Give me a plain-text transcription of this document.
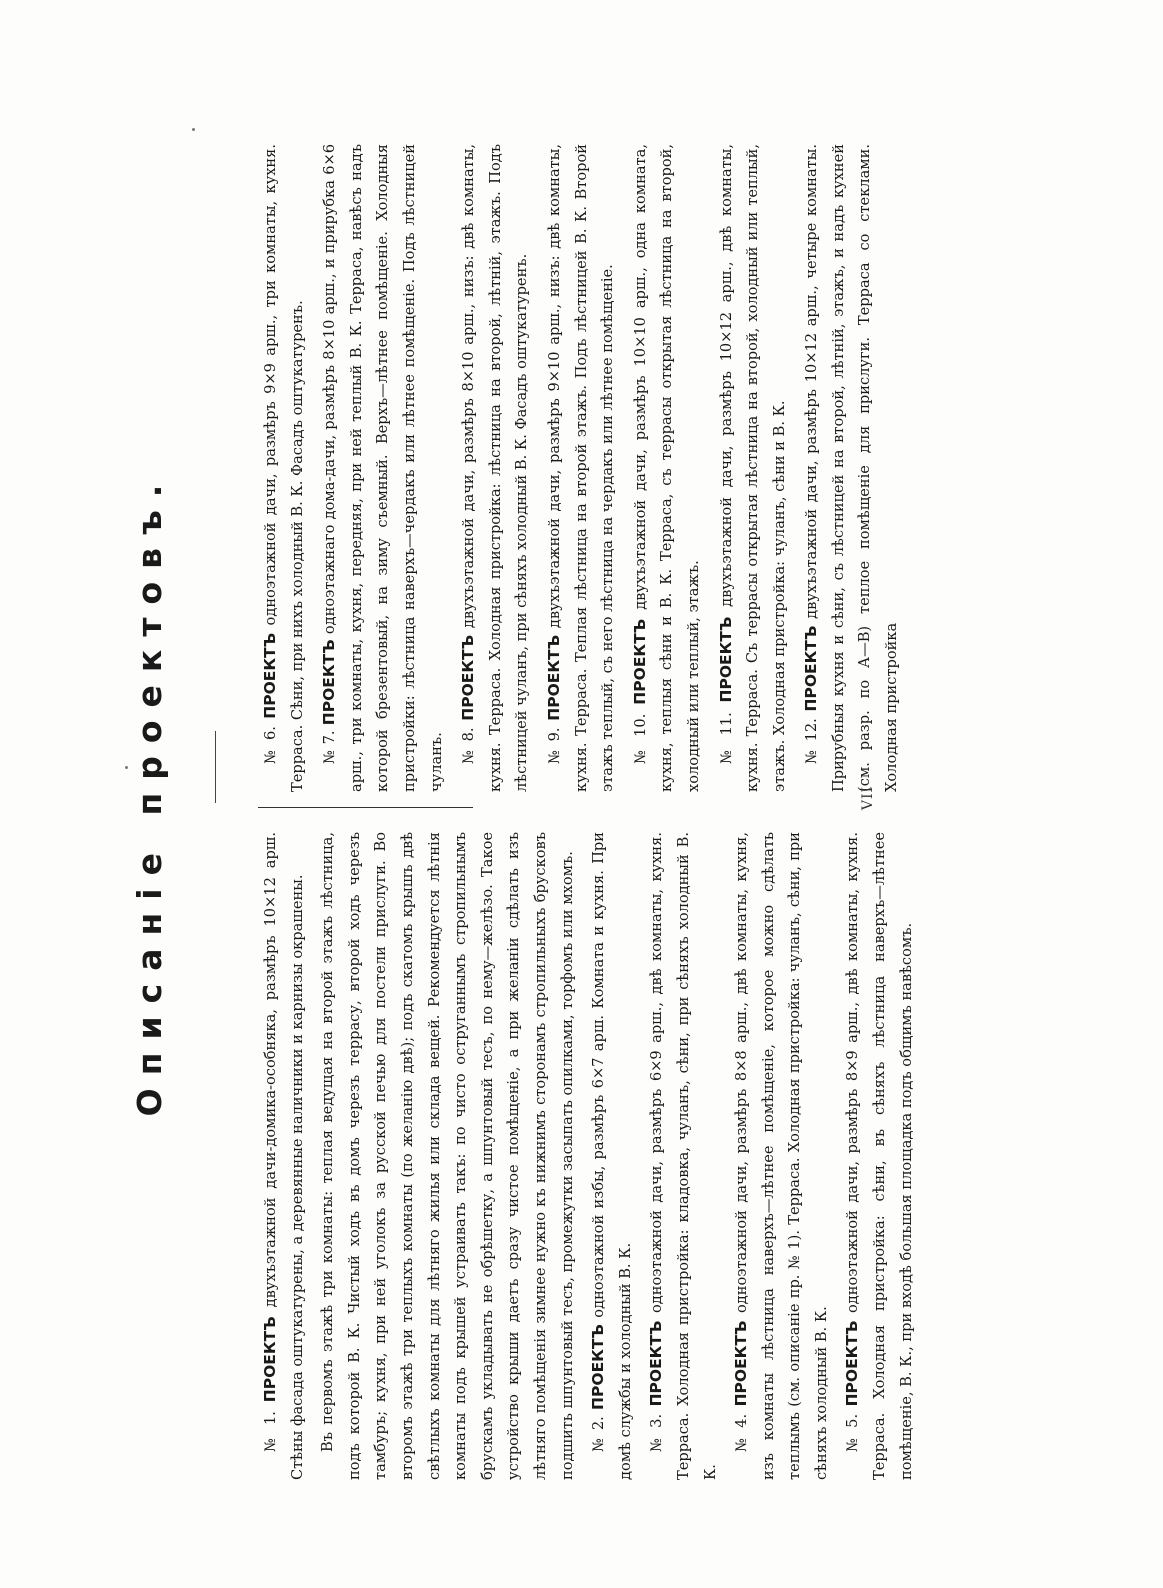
Описаніе проектовъ.

№ 1. ПРОЕКТЪ двухъэтажной дачи-домика-особняка, размѣръ 10×12 арш. Стѣны фасада оштукатурены, а деревянные наличники и карнизы окрашены. Въ первомъ этажѣ три комнаты: теплая ведущая на второй этажъ лѣстница, подъ которой В. К. Чистый ходъ въ домъ черезъ террасу, второй ходъ черезъ тамбуръ; кухня, при ней уголокъ за русской печью для постели прислуги. Во второмъ этажѣ три теплыхъ комнаты (по желанію двѣ); подъ скатомъ крышъ двѣ свѣтлыхъ комнаты для лѣтняго жилья или склада вещей. Рекомендуется лѣтнія комнаты подъ крышей устраивать такъ: по чисто оструганнымъ стропильнымъ брускамъ укладывать не обрѣшетку, а шпунтовый тесъ, по нему—желѣзо. Такое устройство крыши даетъ сразу чистое помѣщеніе, а при желаніи сдѣлать изъ лѣтняго помѣщенія зимнее нужно къ нижнимъ сторонамъ стропильныхъ брусковъ подшить шпунтовый тесъ, промежутки засыпать опилками, торфомъ или мхомъ. № 2. ПРОЕКТЪ одноэтажной избы, размѣръ 6×7 арш. Комната и кухня. При домѣ службы и холодный В. К. № 3. ПРОЕКТЪ одноэтажной дачи, размѣръ 6×9 арш., двѣ комнаты, кухня. Терраса. Холодная пристройка: кладовка, чуланъ, сѣни, при сѣняхъ холодный В. К.

№ 4. ПРОЕКТЪ одноэтажной дачи, размѣръ 8×8 арш., двѣ комнаты, кухня, изъ комнаты лѣстница наверхъ—лѣтнее помѣщеніе, которое можно сдѣлать теплымъ (см. описаніе пр. № 1). Терраса. Холодная пристройка: чуланъ, сѣни, при сѣняхъ холодный В. К. № 5. ПРОЕКТЪ одноэтажной дачи, размѣръ 8×9 арш., двѣ комнаты, кухня. Терраса. Холодная пристройка: сѣни, въ сѣняхъ лѣстница наверхъ—лѣтнее помѣщеніе, В. К., при входѣ большая площадка подъ общимъ навѣсомъ.

№ 6. ПРОЕКТЪ одноэтажной дачи, размѣръ 9×9 арш., три комнаты, кухня. Терраса. Сѣни, при нихъ холодный В. К. Фасадъ оштукатуренъ.	№ 7. ПРОЕКТЪ одноэтажнаго дома-дачи, размѣръ 8×10 арш., и прирубка 6×6 арш., три комнаты, кухня, передняя, при ней теплый В. К. Терраса, навѣсъ надъ которой брезентовый, на зиму съемный. Верхъ—лѣтнее помѣщеніе. Холодныя пристройки: лѣстница наверхъ—чердакъ или лѣтнее помѣщеніе. Подъ лѣстницей чуланъ.	№ 8. ПРОЕКТЪ двухъэтажной дачи, размѣръ 8×10 арш., низъ: двѣ комнаты, кухня. Терраса. Холодная пристройка: лѣстница на второй, лѣтній, этажъ. Подъ лѣстницей чуланъ, при сѣняхъ холодный В. К. Фасадъ оштукатуренъ.	№ 9. ПРОЕКТЪ двухъэтажной дачи, размѣръ 9×10 арш., низъ: двѣ комнаты, кухня. Терраса. Теплая лѣстница на второй этажъ. Подъ лѣстницей В. К. Второй этажъ теплый, съ него лѣстница на чердакъ или лѣтнее помѣщеніе.	№ 10. ПРОЕКТЪ двухъэтажной дачи, размѣръ 10×10 арш., одна комната, кухня, теплыя сѣни и В. К. Терраса, съ террасы открытая лѣстница на второй, холодный или теплый, этажъ.	№ 11. ПРОЕКТЪ двухъэтажной дачи, размѣръ 10×12 арш., двѣ комнаты, кухня. Терраса. Съ террасы открытая лѣстница на второй, холодный или теплый, этажъ. Холодная пристройка: чуланъ, сѣни и В. К.	№ 12. ПРОЕКТЪ двухъэтажной дачи, размѣръ 10×12 арш., четыре комнаты. Прирубныя кухня и сѣни, съ лѣстницей на второй, лѣтній, этажъ, и надъ кухней (см. разр. по А—В) теплое помѣщеніе для прислуги. Терраса со стеклами. Холодная пристройка

VII
